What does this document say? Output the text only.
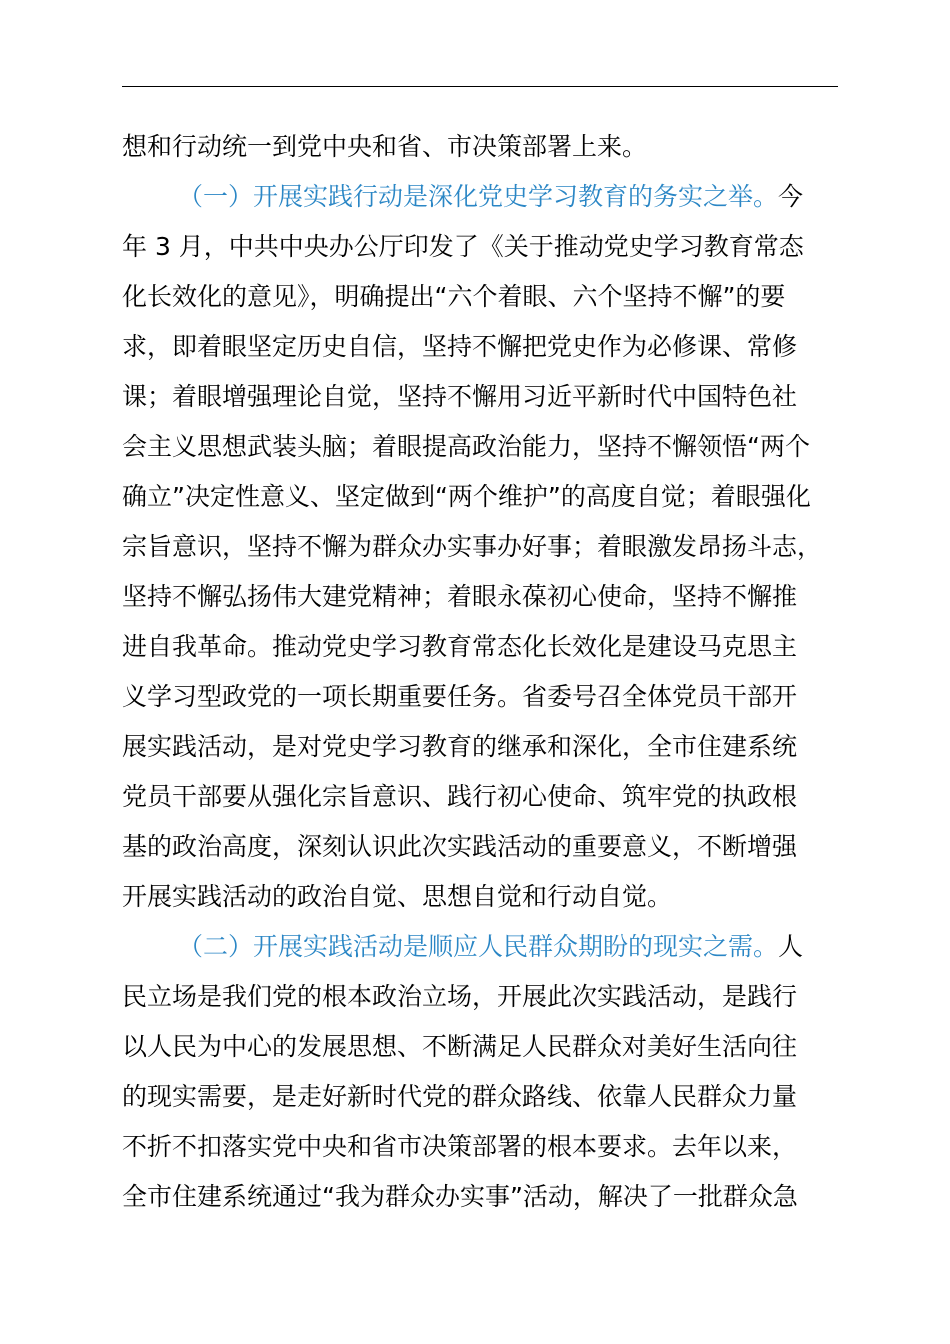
想和行动统一到党中央和省、市决策部署上来。
（一）开展实践行动是深化党史学习教育的务实之举。今
年 3 月，中共中央办公厅印发了《关于推动党史学习教育常态
化长效化的意见》，明确提出“六个着眼、六个坚持不懈”的要
求，即着眼坚定历史自信，坚持不懈把党史作为必修课、常修
课；着眼增强理论自觉，坚持不懈用习近平新时代中国特色社
会主义思想武装头脑；着眼提高政治能力，坚持不懈领悟“两个
确立”决定性意义、坚定做到“两个维护”的高度自觉；着眼强化
宗旨意识，坚持不懈为群众办实事办好事；着眼激发昂扬斗志，
坚持不懈弘扬伟大建党精神；着眼永葆初心使命，坚持不懈推
进自我革命。推动党史学习教育常态化长效化是建设马克思主
义学习型政党的一项长期重要任务。省委号召全体党员干部开
展实践活动，是对党史学习教育的继承和深化，全市住建系统
党员干部要从强化宗旨意识、践行初心使命、筑牢党的执政根
基的政治高度，深刻认识此次实践活动的重要意义，不断增强
开展实践活动的政治自觉、思想自觉和行动自觉。
（二）开展实践活动是顺应人民群众期盼的现实之需。人
民立场是我们党的根本政治立场，开展此次实践活动，是践行
以人民为中心的发展思想、不断满足人民群众对美好生活向往
的现实需要，是走好新时代党的群众路线、依靠人民群众力量
不折不扣落实党中央和省市决策部署的根本要求。去年以来，
全市住建系统通过“我为群众办实事”活动，解决了一批群众急
